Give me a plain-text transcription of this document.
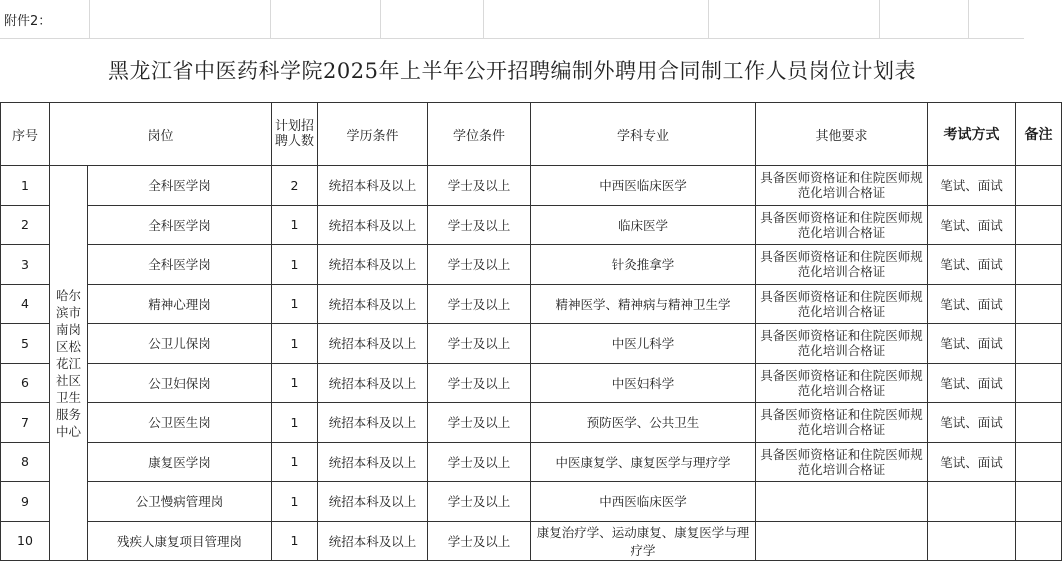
附件2：
黑龙江省中医药科学院2025年上半年公开招聘编制外聘用合同制工作人员岗位计划表
序号	岗位		计划招聘人数	学历条件	学位条件	学科专业	其他要求	考试方式	备注
1	哈尔滨市南岗区松花江社区卫生服务中心	全科医学岗	2	统招本科及以上	学士及以上	中西医临床医学	具备医师资格证和住院医师规范化培训合格证	笔试、面试	
2		全科医学岗	1	统招本科及以上	学士及以上	临床医学	具备医师资格证和住院医师规范化培训合格证	笔试、面试	
3		全科医学岗	1	统招本科及以上	学士及以上	针灸推拿学	具备医师资格证和住院医师规范化培训合格证	笔试、面试	
4		精神心理岗	1	统招本科及以上	学士及以上	精神医学、精神病与精神卫生学	具备医师资格证和住院医师规范化培训合格证	笔试、面试	
5		公卫儿保岗	1	统招本科及以上	学士及以上	中医儿科学	具备医师资格证和住院医师规范化培训合格证	笔试、面试	
6		公卫妇保岗	1	统招本科及以上	学士及以上	中医妇科学	具备医师资格证和住院医师规范化培训合格证	笔试、面试	
7		公卫医生岗	1	统招本科及以上	学士及以上	预防医学、公共卫生	具备医师资格证和住院医师规范化培训合格证	笔试、面试	
8		康复医学岗	1	统招本科及以上	学士及以上	中医康复学、康复医学与理疗学	具备医师资格证和住院医师规范化培训合格证	笔试、面试	
9		公卫慢病管理岗	1	统招本科及以上	学士及以上	中西医临床医学			
10		残疾人康复项目管理岗	1	统招本科及以上	学士及以上	康复治疗学、运动康复、康复医学与理疗学			
